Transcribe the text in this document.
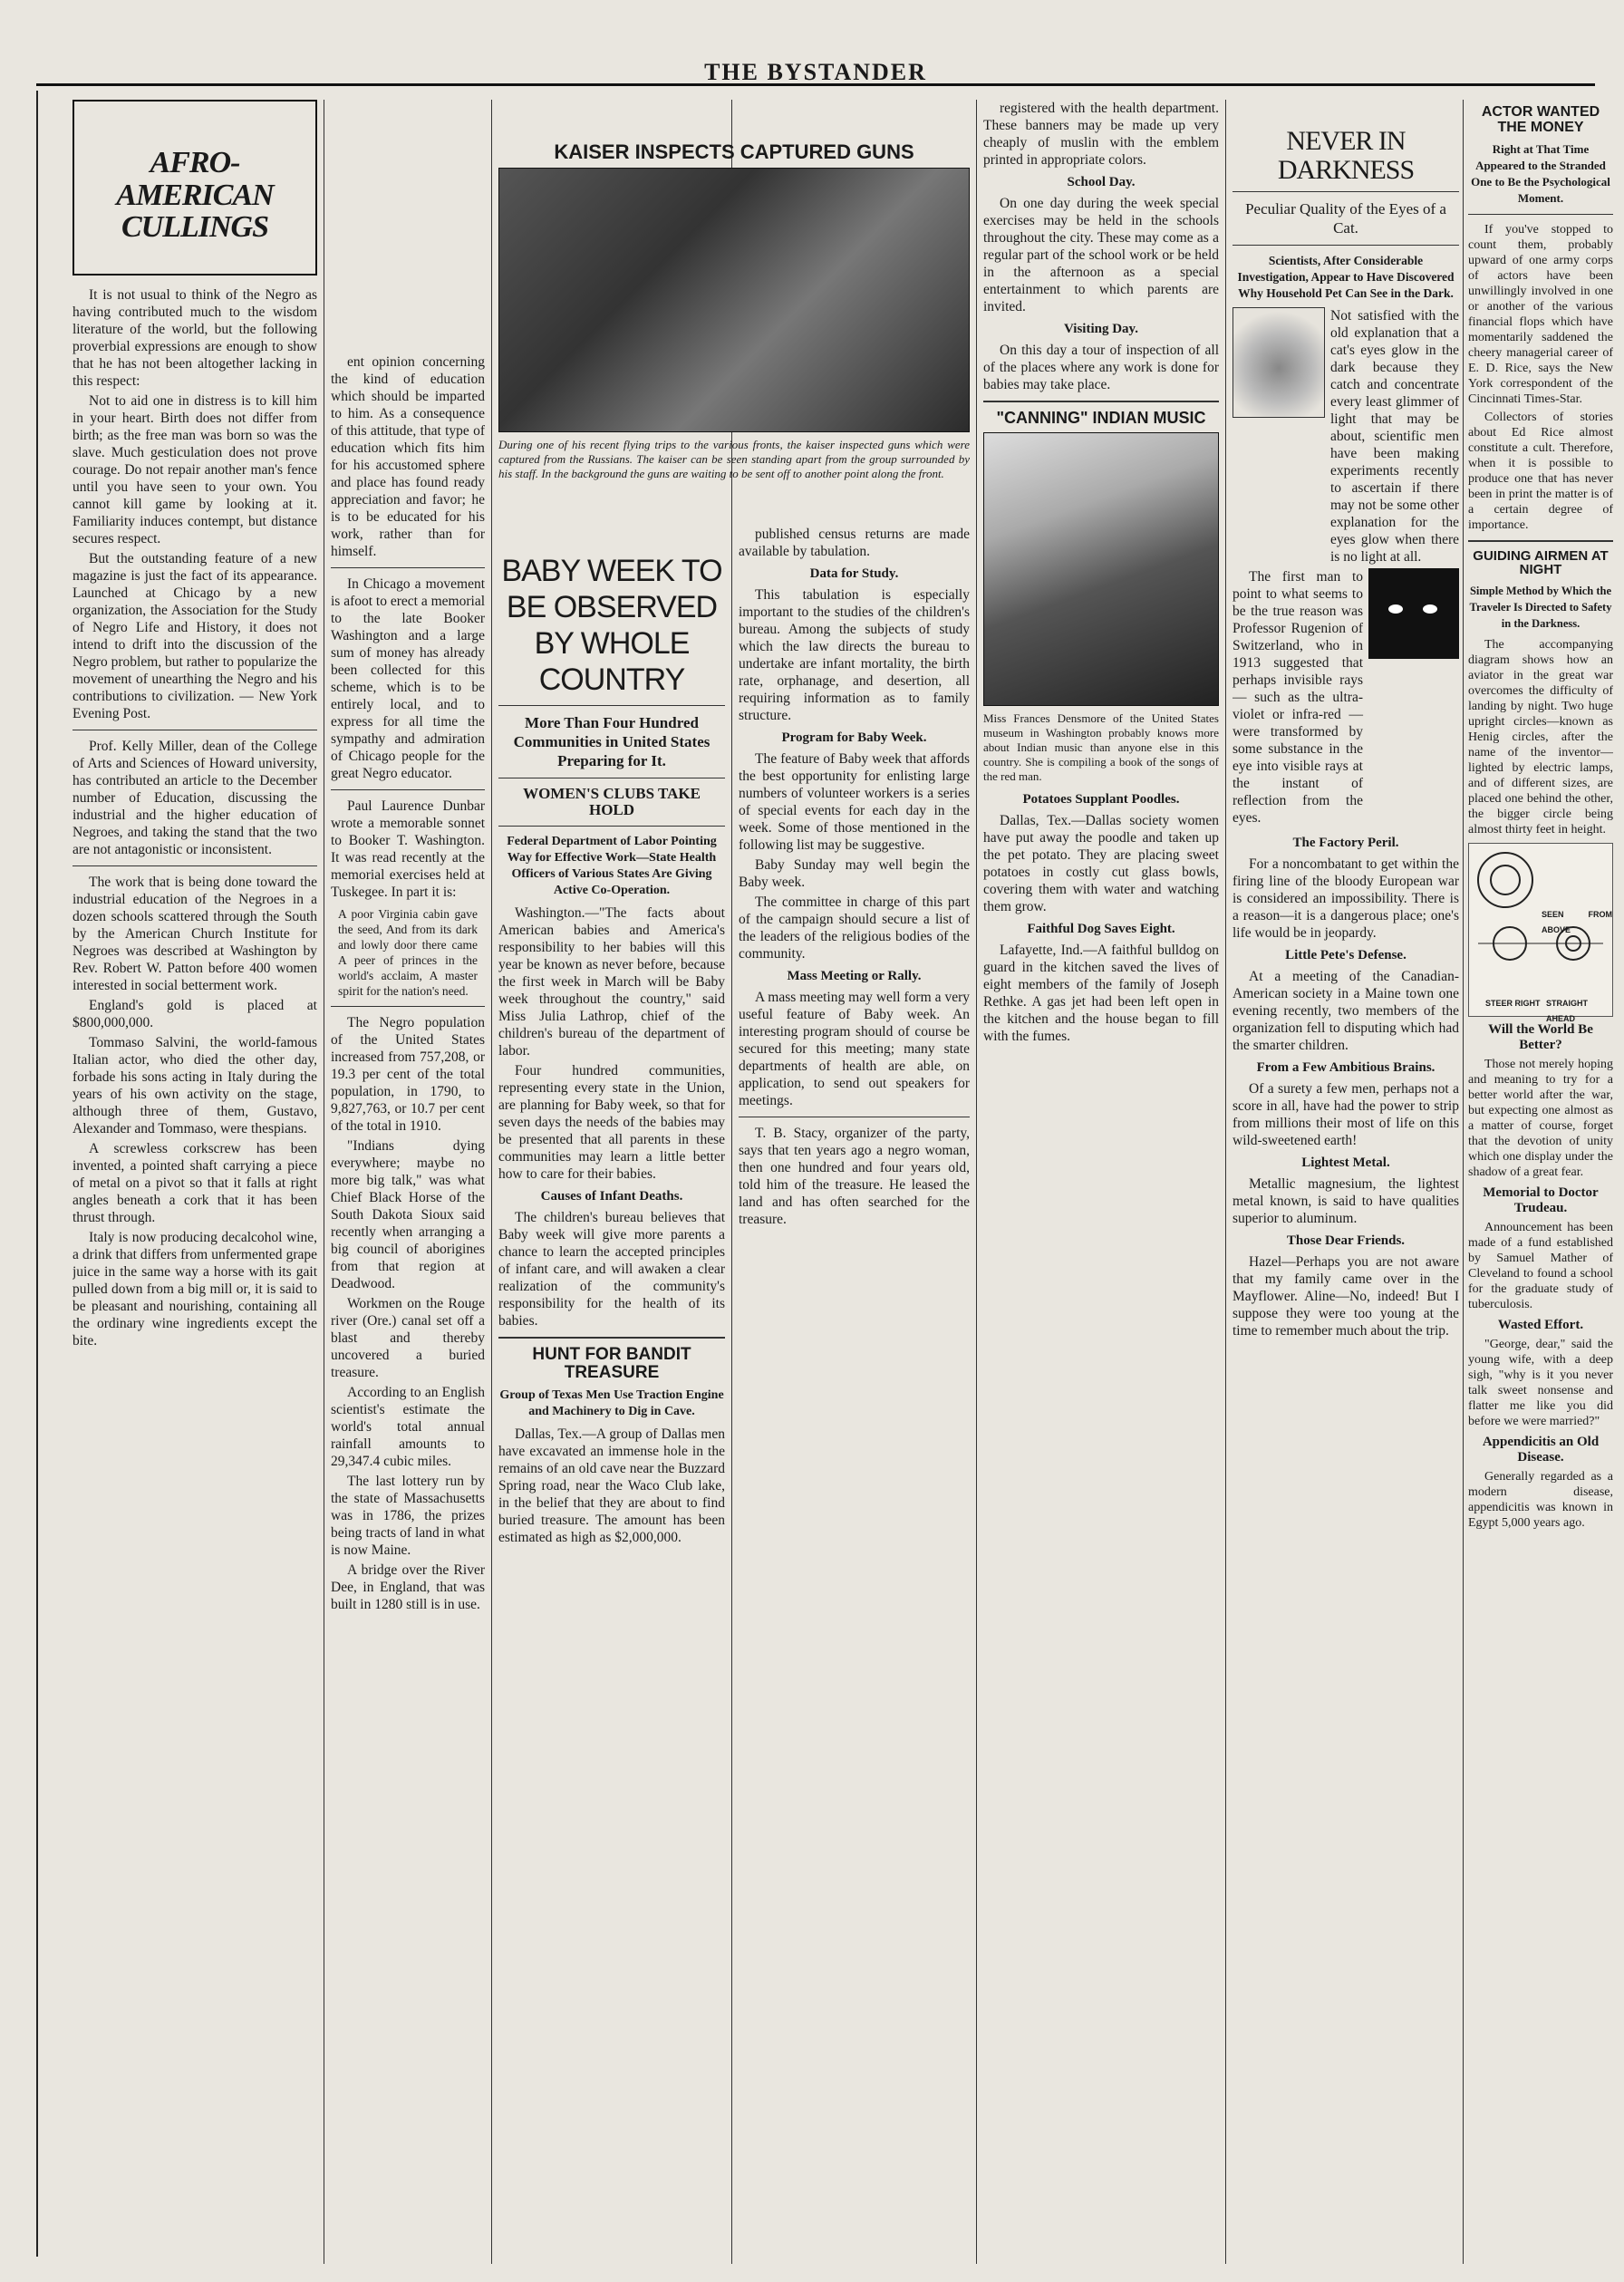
THE BYSTANDER
AFRO-AMERICAN CULLINGS

It is not usual to think of the Negro as having contributed much to the wisdom literature of the world, but the following proverbial expressions are enough to show that he has not been altogether lacking in this respect:

Not to aid one in distress is to kill him in your heart. Birth does not differ from birth; as the free man was born so was the slave. Much gesticulation does not prove courage. Do not repair another man's fence until you have seen to your own. You cannot kill game by looking at it. Familiarity induces contempt, but distance secures respect.

But the outstanding feature of a new magazine is just the fact of its appearance. Launched at Chicago by a new organization, the Association for the Study of Negro Life and History, it does not intend to drift into the discussion of the Negro problem, but rather to popularize the movement of unearthing the Negro and his contributions to civilization. — New York Evening Post.

Prof. Kelly Miller, dean of the College of Arts and Sciences of Howard university, has contributed an article to the December number of Education, discussing the industrial and the higher education of Negroes, and taking the stand that the two are not antagonistic or inconsistent.

The work that is being done toward the industrial education of the Negroes in a dozen schools scattered through the South by the American Church Institute for Negroes was described at Washington by Rev. Robert W. Patton before 400 women interested in social betterment work.

England's gold is placed at $800,000,000.

Tommaso Salvini, the world-famous Italian actor, who died the other day, forbade his sons acting in Italy during the years of his own activity on the stage, although three of them, Gustavo, Alexander and Tommaso, were thespians.

A screwless corkscrew has been invented, a pointed shaft carrying a piece of metal on a pivot so that it falls at right angles beneath a cork that it has been thrust through.

Italy is now producing decalcohol wine, a drink that differs from unfermented grape juice in the same way a horse with its gait pulled down from a big mill or, it is said to be pleasant and nourishing, containing all the ordinary wine ingredients except the bite.

ent opinion concerning the kind of education which should be imparted to him. As a consequence of this attitude, that type of education which fits him for his accustomed sphere and place has found ready appreciation and favor; he is to be educated for his work, rather than for himself.

In Chicago a movement is afoot to erect a memorial to the late Booker Washington and a large sum of money has already been collected for this scheme, which is to be entirely local, and to express for all time the sympathy and admiration of Chicago people for the great Negro educator.

Paul Laurence Dunbar wrote a memorable sonnet to Booker T. Washington. It was read recently at the memorial exercises held at Tuskegee. In part it is:

A poor Virginia cabin gave the seed, And from its dark and lowly door there came A peer of princes in the world's acclaim, A master spirit for the nation's need.

The Negro population of the United States increased from 757,208, or 19.3 per cent of the total population, in 1790, to 9,827,763, or 10.7 per cent of the total in 1910.

"Indians dying everywhere; maybe no more big talk," was what Chief Black Horse of the South Dakota Sioux said recently when arranging a big council of aborigines from that region at Deadwood.

Workmen on the Rouge river (Ore.) canal set off a blast and thereby uncovered a buried treasure.

According to an English scientist's estimate the world's total annual rainfall amounts to 29,347.4 cubic miles.

The last lottery run by the state of Massachusetts was in 1786, the prizes being tracts of land in what is now Maine.

A bridge over the River Dee, in England, that was built in 1280 still is in use.

KAISER INSPECTS CAPTURED GUNS
During one of his recent flying trips to the various fronts, the kaiser inspected guns which were captured from the Russians. The kaiser can be seen standing apart from the group surrounded by his staff. In the background the guns are waiting to be sent off to another point along the front.
BABY WEEK TO BE OBSERVED BY WHOLE COUNTRY
More Than Four Hundred Communities in United States Preparing for It.
WOMEN'S CLUBS TAKE HOLD
Federal Department of Labor Pointing Way for Effective Work—State Health Officers of Various States Are Giving Active Co-Operation.

Washington.—"The facts about American babies and America's responsibility to her babies will this year be known as never before, because the first week in March will be Baby week throughout the country," said Miss Julia Lathrop, chief of the children's bureau of the department of labor.

Four hundred communities, representing every state in the Union, are planning for Baby week, so that for seven days the needs of the babies may be presented that all parents in these communities may learn a little better how to care for their babies.

Causes of Infant Deaths.

The children's bureau believes that Baby week will give more parents a chance to learn the accepted principles of infant care, and will awaken a clear realization of the community's responsibility for the health of its babies.

HUNT FOR BANDIT TREASURE
Group of Texas Men Use Traction Engine and Machinery to Dig in Cave.

Dallas, Tex.—A group of Dallas men have excavated an immense hole in the remains of an old cave near the Buzzard Spring road, near the Waco Club lake, in the belief that they are about to find buried treasure. The amount has been estimated as high as $2,000,000.

published census returns are made available by tabulation.

Data for Study.

This tabulation is especially important to the studies of the children's bureau. Among the subjects of study which the law directs the bureau to undertake are infant mortality, the birth rate, orphanage, and desertion, all requiring information as to family structure.

Program for Baby Week.

The feature of Baby week that affords the best opportunity for enlisting large numbers of volunteer workers is a series of special events for each day in the week. Some of those mentioned in the following list may be suggestive.

Baby Sunday may well begin the Baby week.

The committee in charge of this part of the campaign should secure a list of the leaders of the religious bodies of the community.

Mass Meeting or Rally.

A mass meeting may well form a very useful feature of Baby week. An interesting program should of course be secured for this meeting; many state departments of health are able, on application, to send out speakers for meetings.

T. B. Stacy, organizer of the party, says that ten years ago a negro woman, then one hundred and four years old, told him of the treasure. He leased the land and has often searched for the treasure.

registered with the health department. These banners may be made up very cheaply of muslin with the emblem printed in appropriate colors.

School Day.

On one day during the week special exercises may be held in the schools throughout the city. These may come as a regular part of the school work or be held in the afternoon as a special entertainment to which parents are invited.

Visiting Day.

On this day a tour of inspection of all of the places where any work is done for babies may take place.

"CANNING" INDIAN MUSIC
Miss Frances Densmore of the United States museum in Washington probably knows more about Indian music than anyone else in this country. She is compiling a book of the songs of the red man.
Potatoes Supplant Poodles.

Dallas, Tex.—Dallas society women have put away the poodle and taken up the pet potato. They are placing sweet potatoes in costly cut glass bowls, covering them with water and watching them grow.

Faithful Dog Saves Eight.

Lafayette, Ind.—A faithful bulldog on guard in the kitchen saved the lives of eight members of the family of Joseph Rethke. A gas jet had been left open in the kitchen and the house began to fill with the fumes.

NEVER IN DARKNESS
Peculiar Quality of the Eyes of a Cat.
Scientists, After Considerable Investigation, Appear to Have Discovered Why Household Pet Can See in the Dark.

Not satisfied with the old explanation that a cat's eyes glow in the dark because they catch and concentrate every least glimmer of light that may be about, scientific men have been making experiments recently to ascertain if there may not be some other explanation for the eyes glow when there is no light at all.

The first man to point to what seems to be the true reason was Professor Rugenion of Switzerland, who in 1913 suggested that perhaps invisible rays — such as the ultra-violet or infra-red — were transformed by some substance in the eye into visible rays at the instant of reflection from the eyes.

The Factory Peril.

For a noncombatant to get within the firing line of the bloody European war is considered an impossibility. There is a reason—it is a dangerous place; one's life would be in jeopardy.

Little Pete's Defense.

At a meeting of the Canadian-American society in a Maine town one evening recently, two members of the organization fell to disputing which had the smarter children.

From a Few Ambitious Brains.

Of a surety a few men, perhaps not a score in all, have had the power to strip from millions their most of life on this wild-sweetened earth!

Lightest Metal.

Metallic magnesium, the lightest metal known, is said to have qualities superior to aluminum.

Those Dear Friends.

Hazel—Perhaps you are not aware that my family came over in the Mayflower. Aline—No, indeed! But I suppose they were too young at the time to remember much about the trip.

ACTOR WANTED THE MONEY
Right at That Time Appeared to the Stranded One to Be the Psychological Moment.

If you've stopped to count them, probably upward of one army corps of actors have been unwillingly involved in one or another of the various financial flops which have momentarily saddened the cheery managerial career of E. D. Rice, says the New York correspondent of the Cincinnati Times-Star.

Collectors of stories about Ed Rice almost constitute a cult. Therefore, when it is possible to produce one that has never been in print the matter is of a certain degree of importance.

GUIDING AIRMEN AT NIGHT
Simple Method by Which the Traveler Is Directed to Safety in the Darkness.

The accompanying diagram shows how an aviator in the great war overcomes the difficulty of landing by night. Two huge upright circles—known as Henig circles, after the name of the inventor—lighted by electric lamps, and of different sizes, are placed one behind the other, the bigger circle being almost thirty feet in height.

SEEN FROM ABOVE
STEER RIGHT STRAIGHT AHEAD
Will the World Be Better?

Those not merely hoping and meaning to try for a better world after the war, but expecting one almost as a matter of course, forget that the devotion of unity which one display under the shadow of a great fear.

Memorial to Doctor Trudeau.

Announcement has been made of a fund established by Samuel Mather of Cleveland to found a school for the graduate study of tuberculosis.

Wasted Effort.

"George, dear," said the young wife, with a deep sigh, "why is it you never talk sweet nonsense and flatter me like you did before we were married?"

Appendicitis an Old Disease.

Generally regarded as a modern disease, appendicitis was known in Egypt 5,000 years ago.
